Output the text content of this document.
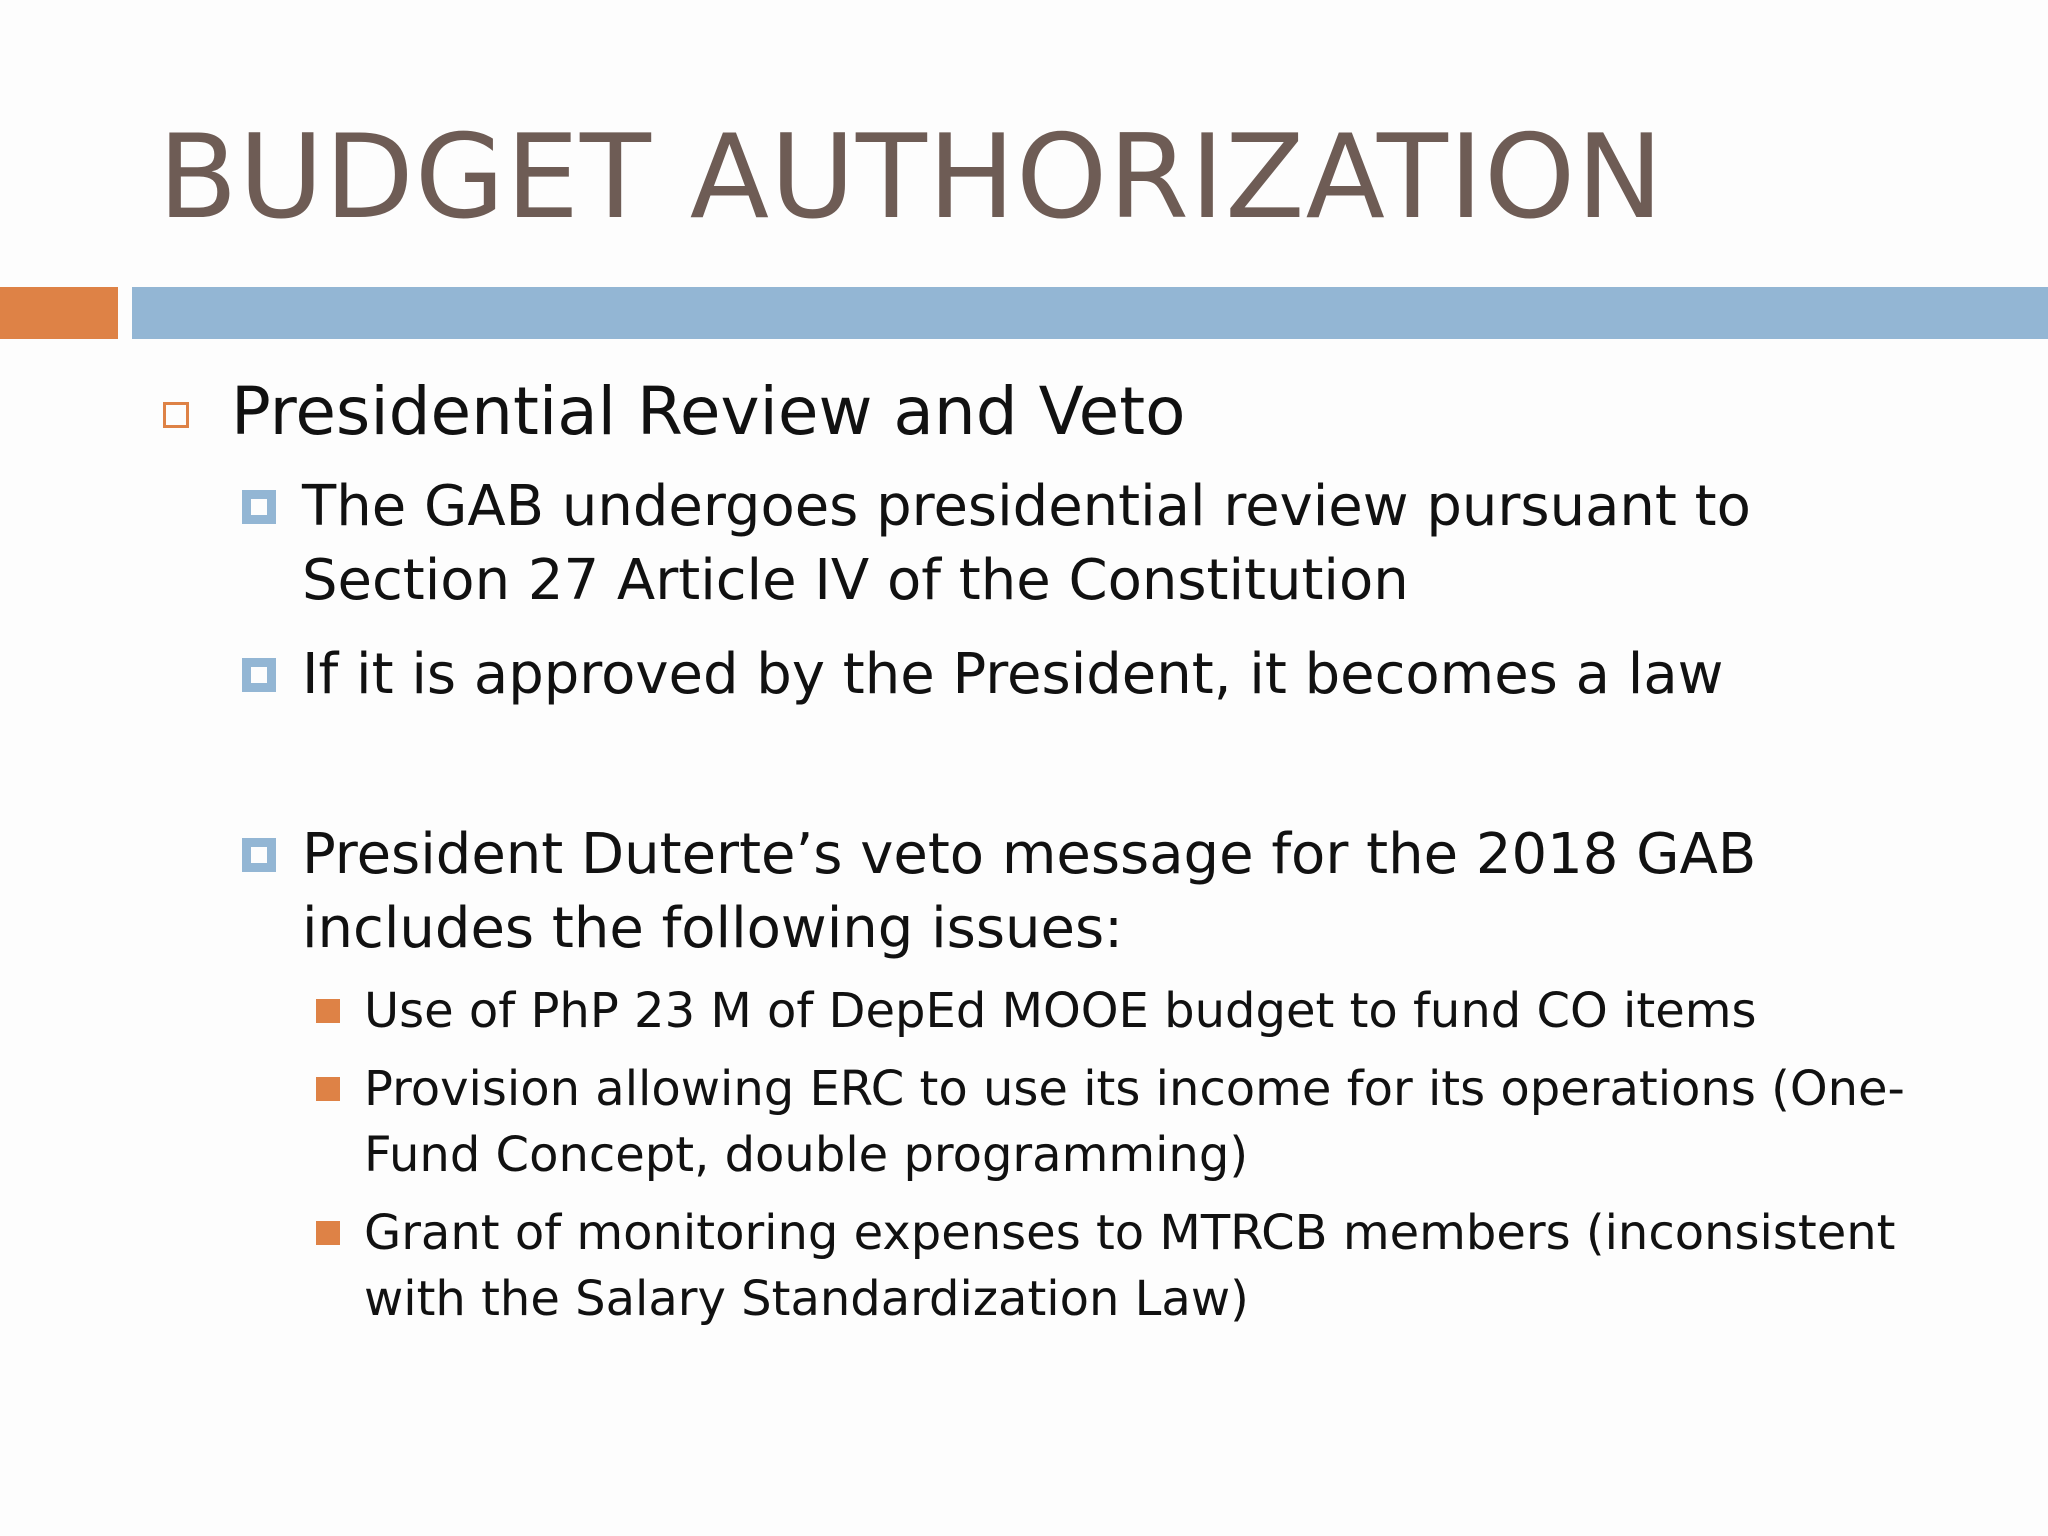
BUDGET AUTHORIZATION
Presidential Review and Veto
The GAB undergoes presidential review pursuant to Section 27 Article IV of the Constitution
If it is approved by the President, it becomes a law
President Duterte’s veto message for the 2018 GAB includes the following issues:
Use of PhP 23 M of DepEd MOOE budget to fund CO items
Provision allowing ERC to use its income for its operations (One-Fund Concept, double programming)
Grant of monitoring expenses to MTRCB members (inconsistent with the Salary Standardization Law)
